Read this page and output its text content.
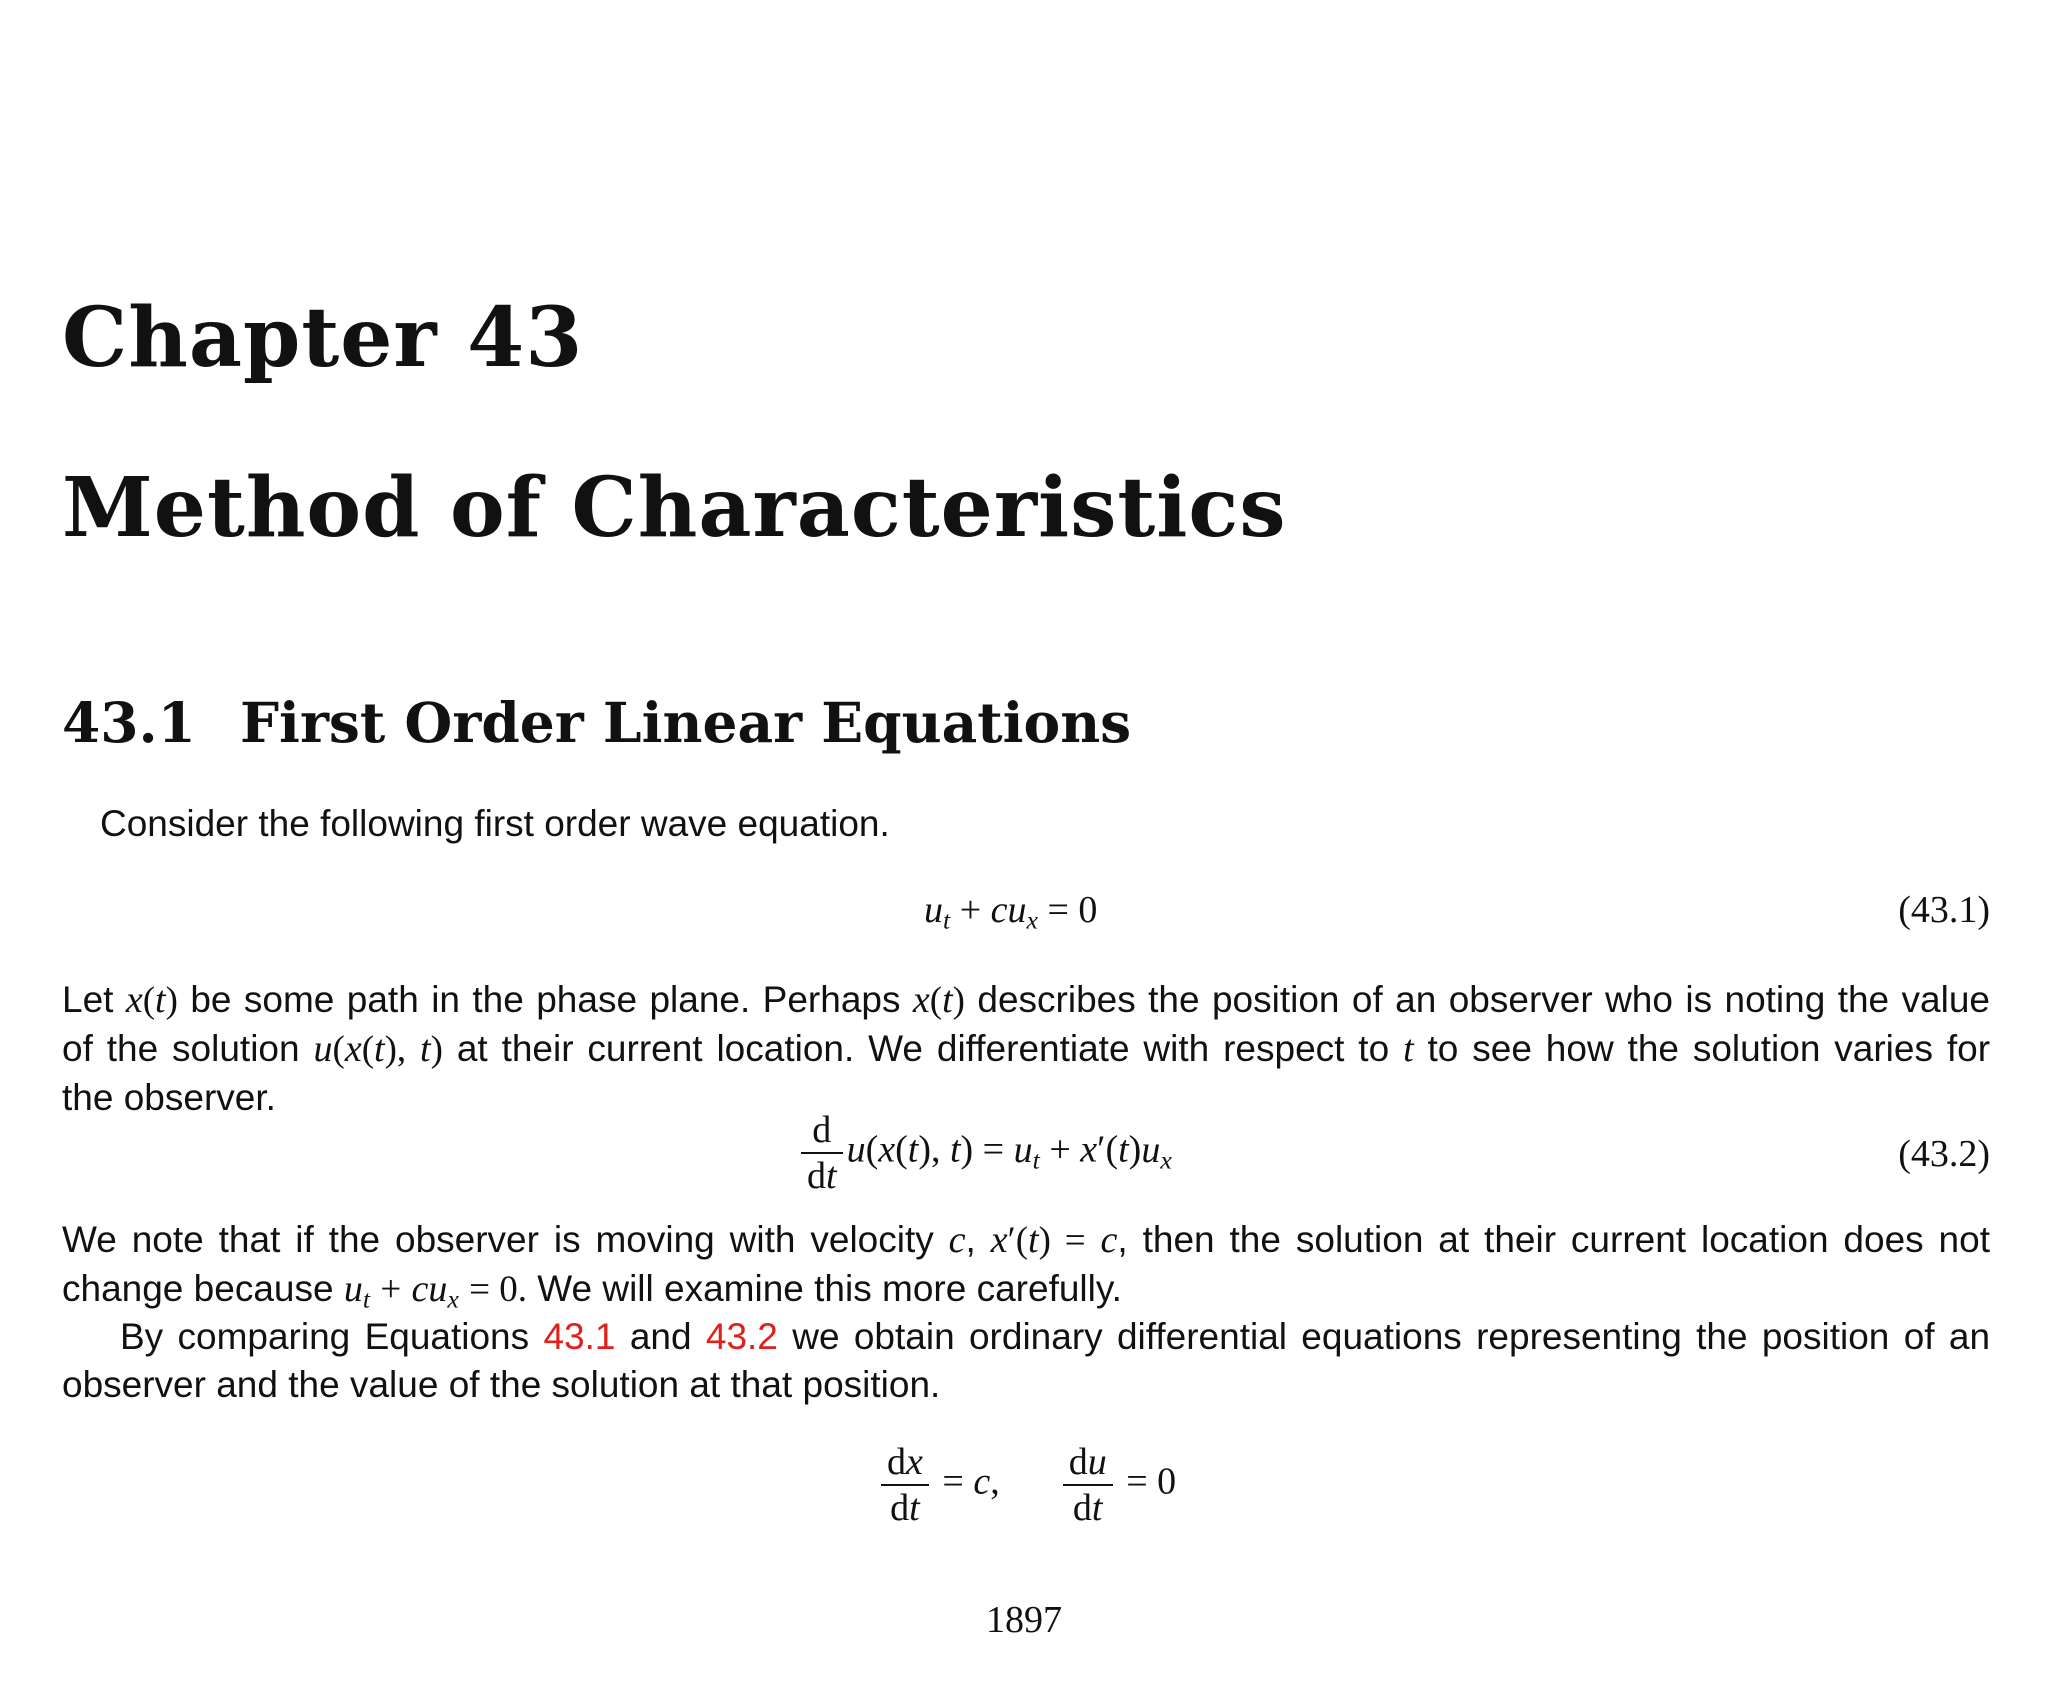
Chapter 43
Method of Characteristics
43.1 First Order Linear Equations

Consider the following first order wave equation.

$u_t + cu_x = 0$	(43.1)
Let x(t) be some path in the phase plane. Perhaps x(t) describes the position of an observer who is noting the value
of the solution u(x(t), t) at their current location. We differentiate with respect to t to see how the solution varies for
the observer.
$\frac{d}{dt} u(x(t)$, $t) = u_t + x'(t)u_x$	(43.2)
We note that if the observer is moving with velocity c, x′(t) = c, then the solution at their current location does not
change because $u_t + cu_x = 0$. We will examine this more carefully.
By comparing Equations 43.1 and 43.2 we obtain ordinary differential equations representing the position of an
observer and the value of the solution at that position.
$\frac{dx}{dt} = c$, $\frac{du}{dt} = 0$
1897
